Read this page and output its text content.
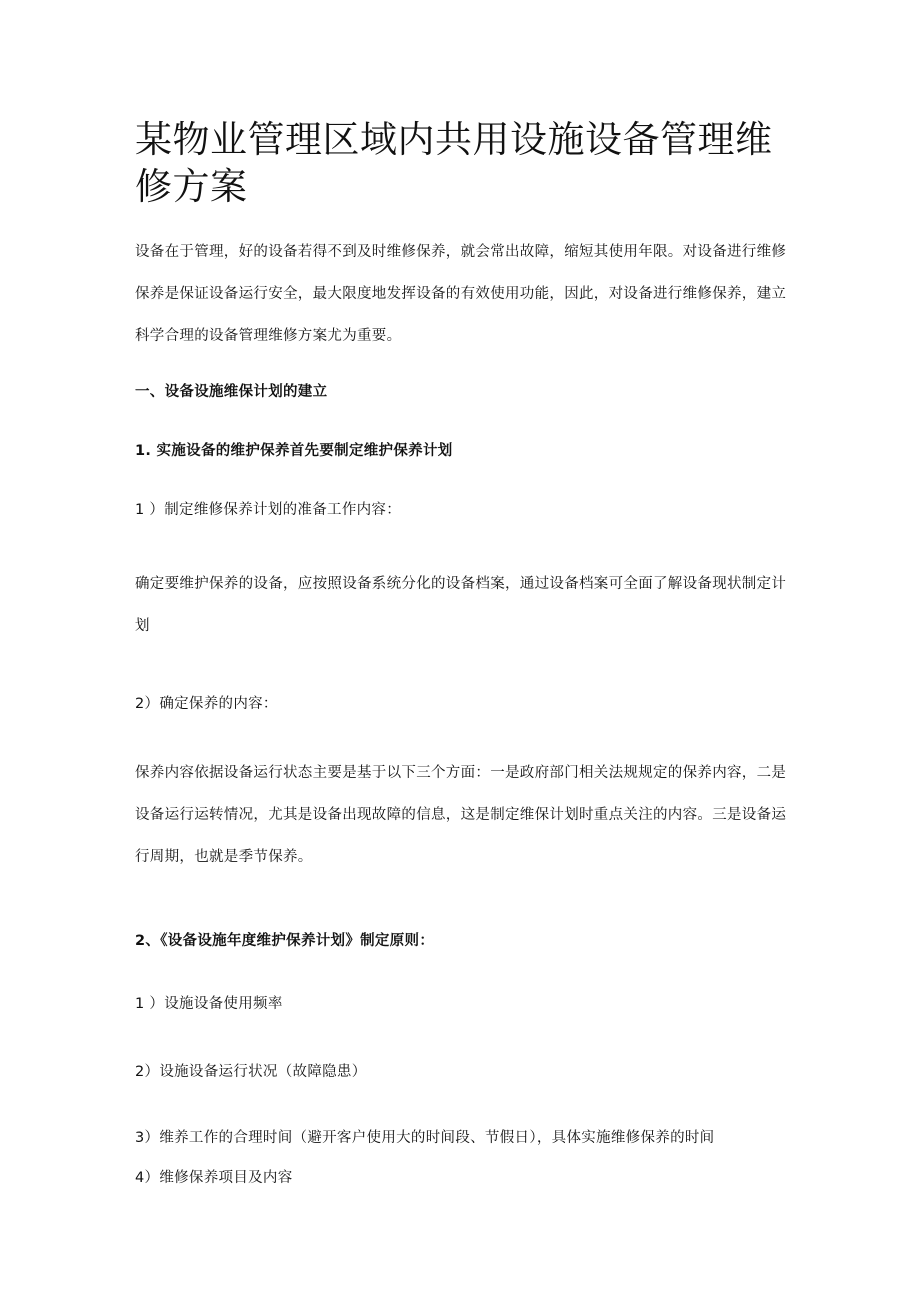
某物业管理区域内共用设施设备管理维修方案

设备在于管理，好的设备若得不到及时维修保养，就会常出故障，缩短其使用年限。对设备进行维修保养是保证设备运行安全，最大限度地发挥设备的有效使用功能，因此，对设备进行维修保养，建立科学合理的设备管理维修方案尤为重要。

一、设备设施维保计划的建立

1. 实施设备的维护保养首先要制定维护保养计划

1 ）制定维修保养计划的准备工作内容：

确定要维护保养的设备，应按照设备系统分化的设备档案，通过设备档案可全面了解设备现状制定计划

2）确定保养的内容：

保养内容依据设备运行状态主要是基于以下三个方面：一是政府部门相关法规规定的保养内容，二是设备运行运转情况，尤其是设备出现故障的信息，这是制定维保计划时重点关注的内容。三是设备运行周期，也就是季节保养。

2、《设备设施年度维护保养计划》制定原则：

1 ）设施设备使用频率

2）设施设备运行状况（故障隐患）

3）维养工作的合理时间（避开客户使用大的时间段、节假日），具体实施维修保养的时间

4）维修保养项目及内容
